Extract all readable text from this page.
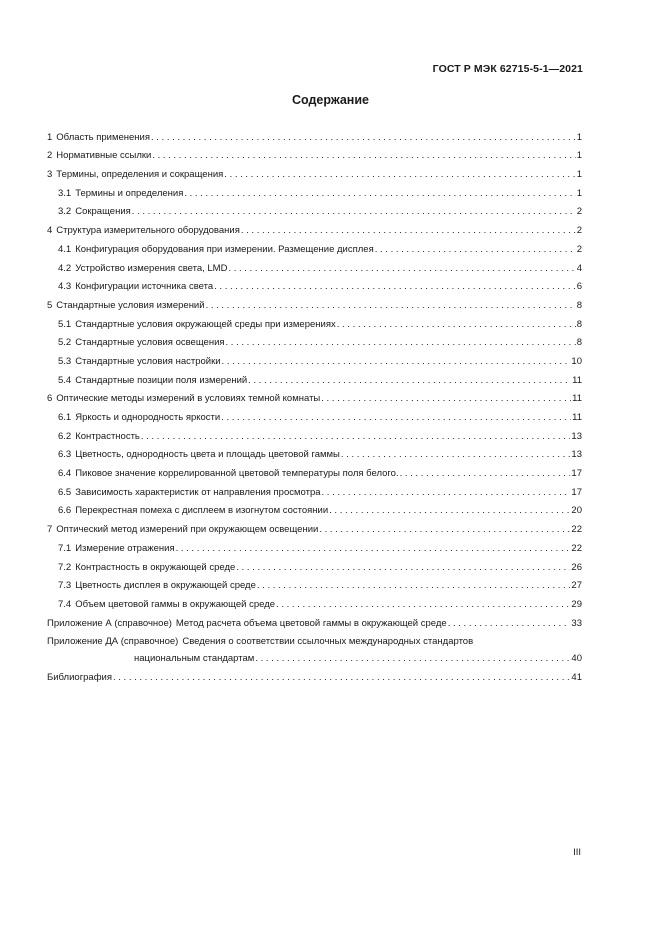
ГОСТ Р МЭК 62715-5-1—2021
Содержание
1 Область применения . . .	1
2 Нормативные ссылки . . .	1
3 Термины, определения и сокращения . . .	1
3.1 Термины и определения . . .	1
3.2 Сокращения . . .	2
4 Структура измерительного оборудования . . .	2
4.1 Конфигурация оборудования при измерении. Размещение дисплея . . .	2
4.2 Устройство измерения света, LMD . . .	4
4.3 Конфигурации источника света . . .	6
5 Стандартные условия измерений . . .	8
5.1 Стандартные условия окружающей среды при измерениях . . .	8
5.2 Стандартные условия освещения . . .	8
5.3 Стандартные условия настройки . . .	10
5.4 Стандартные позиции поля измерений . . .	11
6 Оптические методы измерений в условиях темной комнаты . . .	11
6.1 Яркость и однородность яркости . . .	11
6.2 Контрастность . . .	13
6.3 Цветность, однородность цвета и площадь цветовой гаммы . . .	13
6.4 Пиковое значение коррелированной цветовой температуры поля белого. . . .	17
6.5 Зависимость характеристик от направления просмотра . . .	17
6.6 Перекрестная помеха с дисплеем в изогнутом состоянии . . .	20
7 Оптический метод измерений при окружающем освещении . . .	22
7.1 Измерение отражения . . .	22
7.2 Контрастность в окружающей среде . . .	26
7.3 Цветность дисплея в окружающей среде . . .	27
7.4 Объем цветовой гаммы в окружающей среде . . .	29
Приложение А (справочное) Метод расчета объема цветовой гаммы в окружающей среде . . .	33
Приложение ДА (справочное) Сведения о соответствии ссылочных международных стандартов
национальным стандартам . . .	40
Библиография . . .	41
III
